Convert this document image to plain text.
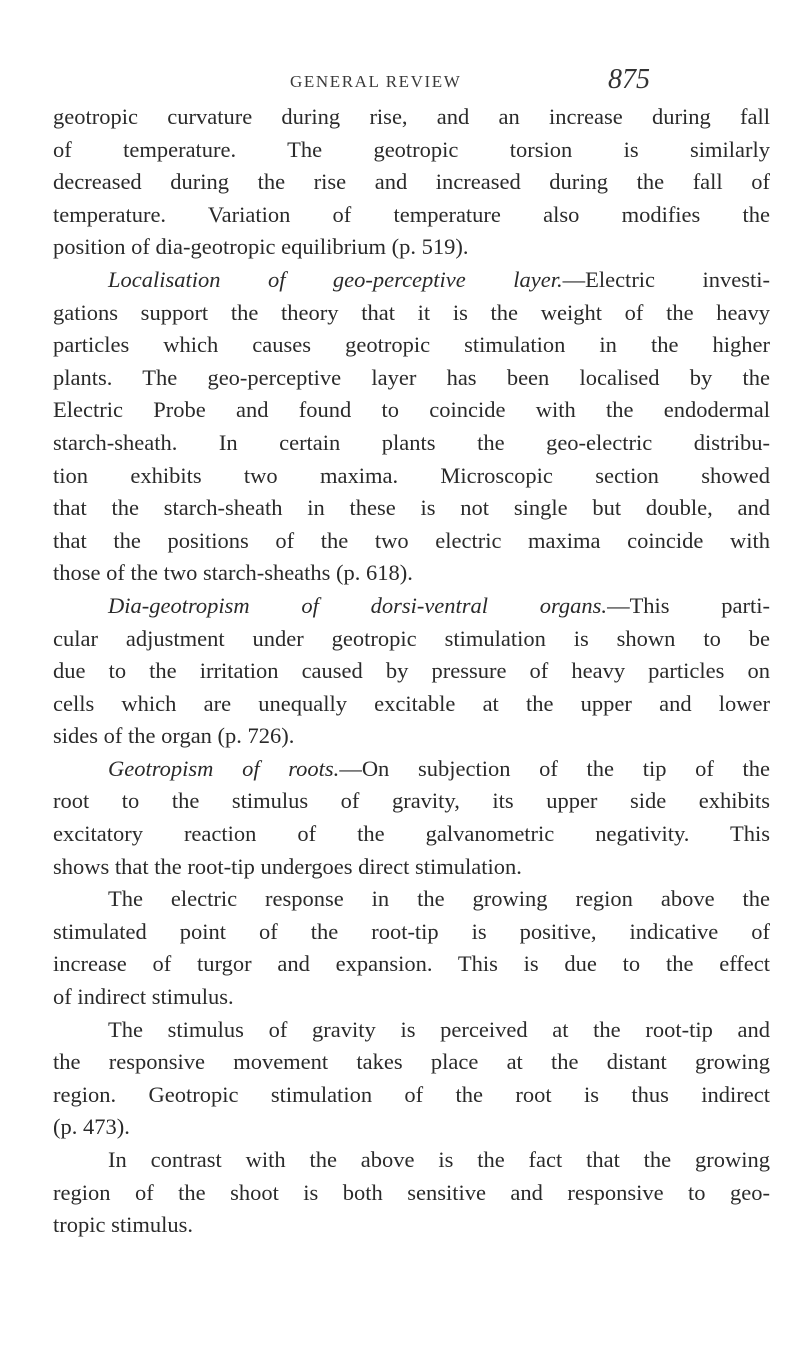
GENERAL REVIEW	875
geotropic curvature during rise, and an increase during fall
of temperature. The geotropic torsion is similarly
decreased during the rise and increased during the fall of
temperature. Variation of temperature also modifies the
position of dia-geotropic equilibrium (p. 519).
Localisation of geo-perceptive layer.—Electric investi-
gations support the theory that it is the weight of the heavy
particles which causes geotropic stimulation in the higher
plants. The geo-perceptive layer has been localised by the
Electric Probe and found to coincide with the endodermal
starch-sheath. In certain plants the geo-electric distribu-
tion exhibits two maxima. Microscopic section showed
that the starch-sheath in these is not single but double, and
that the positions of the two electric maxima coincide with
those of the two starch-sheaths (p. 618).
Dia-geotropism of dorsi-ventral organs.—This parti-
cular adjustment under geotropic stimulation is shown to be
due to the irritation caused by pressure of heavy particles on
cells which are unequally excitable at the upper and lower
sides of the organ (p. 726).
Geotropism of roots.—On subjection of the tip of the
root to the stimulus of gravity, its upper side exhibits
excitatory reaction of the galvanometric negativity. This
shows that the root-tip undergoes direct stimulation.
The electric response in the growing region above the
stimulated point of the root-tip is positive, indicative of
increase of turgor and expansion. This is due to the effect
of indirect stimulus.
The stimulus of gravity is perceived at the root-tip and
the responsive movement takes place at the distant growing
region. Geotropic stimulation of the root is thus indirect
(p. 473).
In contrast with the above is the fact that the growing
region of the shoot is both sensitive and responsive to geo-
tropic stimulus.
